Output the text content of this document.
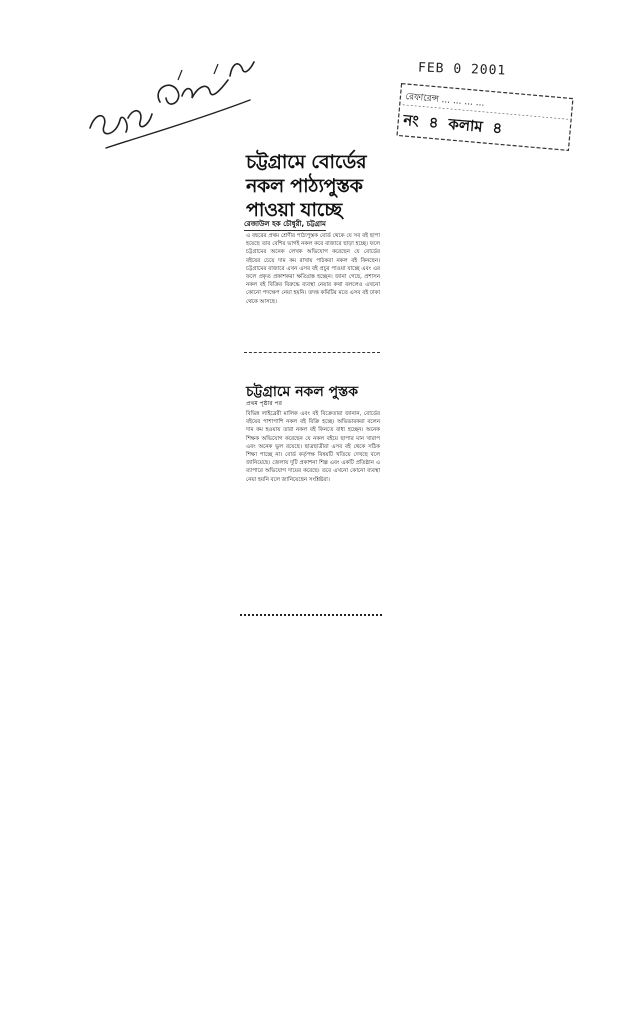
FEB 0 2001
রেফারেন্স ... ... ... ...
নং ৪ কলাম ৪
চট্টগ্রামে বোর্ডের নকল পাঠ্যপুস্তক পাওয়া যাচ্ছে
রেজাউল হক চৌধুরী, চট্টগ্রাম
এ বছরের প্রথম শ্রেণীর পাঠ্যপুস্তক বোর্ড থেকে যে সব বই ছাপা হয়েছে তার বেশির ভাগই নকল করে বাজারে ছাড়া হচ্ছে। ফলে চট্টগ্রামের অনেক লেখক অভিযোগ করেছেন যে বোর্ডের বইয়ের চেয়ে দাম কম রাখায় পাঠকরা নকল বই কিনছেন। চট্টগ্রামের বাজারে এখন এসব বই প্রচুর পাওয়া যাচ্ছে এবং এর ফলে প্রকৃত প্রকাশকরা ক্ষতিগ্রস্ত হচ্ছেন। জানা গেছে, প্রশাসন নকল বই বিক্রির বিরুদ্ধে ব্যবস্থা নেয়ার কথা বললেও এখনো কোনো পদক্ষেপ নেয়া হয়নি। তদন্ত কমিটির মতে এসব বই ঢাকা থেকে আসছে।
চট্টগ্রামে নকল পুস্তক
প্রথম পৃষ্ঠার পর
বিভিন্ন লাইব্রেরী মালিক এবং বই বিক্রেতারা জানান, বোর্ডের বইয়ের পাশাপাশি নকল বই বিক্রি হচ্ছে। অভিভাবকরা বলেন দাম কম হওয়ায় তারা নকল বই কিনতে বাধ্য হচ্ছেন। অনেক শিক্ষক অভিযোগ করেছেন যে নকল বইয়ে ছাপার মান খারাপ এবং অনেক ভুল রয়েছে। ছাত্রছাত্রীরা এসব বই থেকে সঠিক শিক্ষা পাচ্ছে না। বোর্ড কর্তৃপক্ষ বিষয়টি খতিয়ে দেখছে বলে জানিয়েছে। জেলায় দুটি প্রকাশনা শিল্প এবং একটি প্রতিষ্ঠান এ ব্যাপারে অভিযোগ দায়ের করেছে। তবে এখনো কোনো ব্যবস্থা নেয়া হয়নি বলে জানিয়েছেন সংশ্লিষ্টরা।
